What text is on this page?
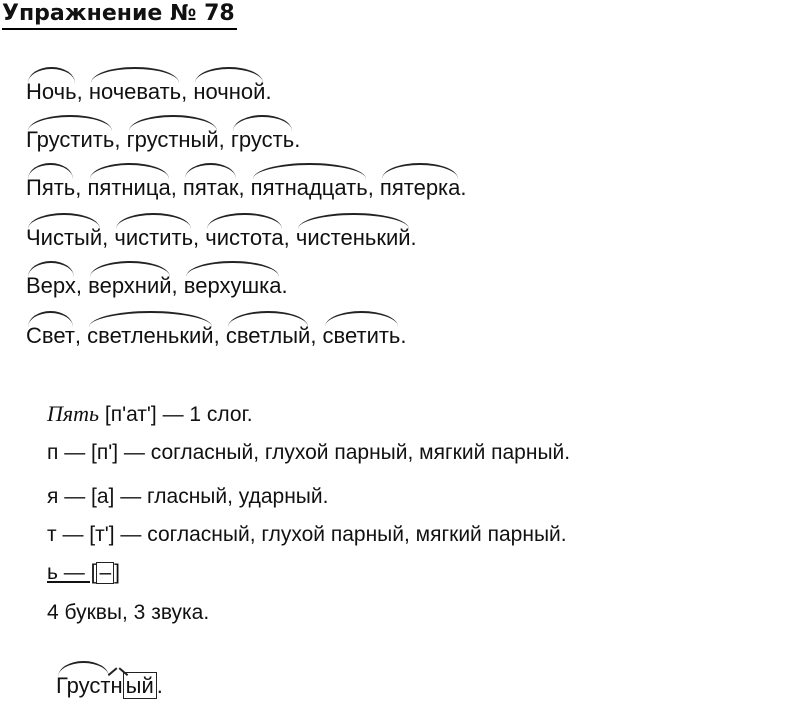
Упражнение № 78
Ночь,
ночевать,
ночной.
Грустить,
грустный,
грусть.
Пять,
пятница,
пятак,
пятнадцать,
пятерка.
Чистый,
чистить,
чистота,
чистенький.
Верх,
верхний,
верхушка.
Свет,
светленький,
светлый,
светить.
Пять [п'ат'] — 1 слог.
п — [п'] — согласный, глухой парный, мягкий парный.
я — [а] — гласный, ударный.
т — [т'] — согласный, глухой парный, мягкий парный.
ь — [ – ]
4 буквы, 3 звука.
Груст
н ый .
